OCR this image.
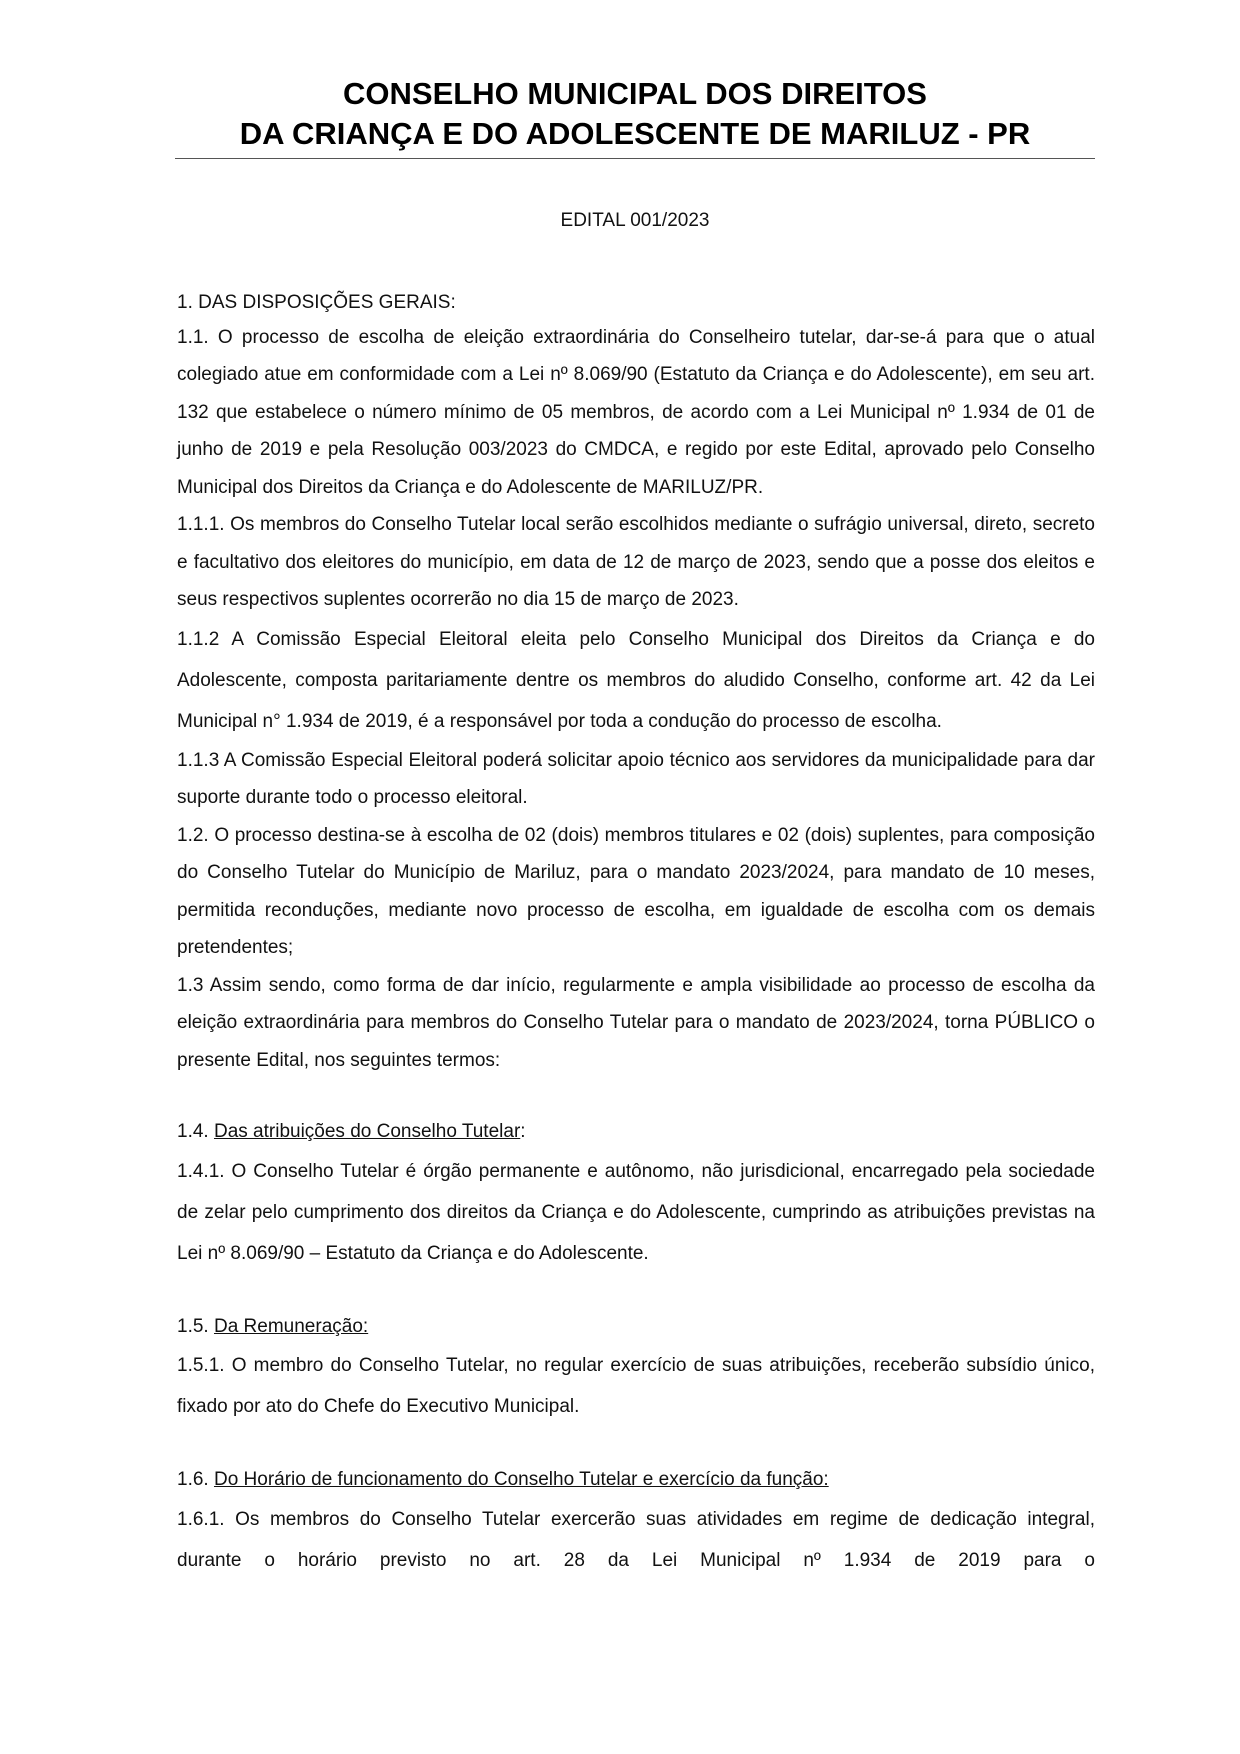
CONSELHO MUNICIPAL DOS DIREITOS
DA CRIANÇA E DO ADOLESCENTE DE MARILUZ - PR
EDITAL 001/2023

1. DAS DISPOSIÇÕES GERAIS:

1.1. O processo de escolha de eleição extraordinária do Conselheiro tutelar, dar-se-á para que o atual colegiado atue em conformidade com a Lei nº 8.069/90 (Estatuto da Criança e do Adolescente), em seu art. 132 que estabelece o número mínimo de 05 membros, de acordo com a Lei Municipal nº 1.934 de 01 de junho de 2019 e pela Resolução 003/2023 do CMDCA, e regido por este Edital, aprovado pelo Conselho Municipal dos Direitos da Criança e do Adolescente de MARILUZ/PR.

1.1.1. Os membros do Conselho Tutelar local serão escolhidos mediante o sufrágio universal, direto, secreto e facultativo dos eleitores do município, em data de 12 de março de 2023, sendo que a posse dos eleitos e seus respectivos suplentes ocorrerão no dia 15 de março de 2023.

1.1.2 A Comissão Especial Eleitoral eleita pelo Conselho Municipal dos Direitos da Criança e do Adolescente, composta paritariamente dentre os membros do aludido Conselho, conforme art. 42 da Lei Municipal n° 1.934 de 2019, é a responsável por toda a condução do processo de escolha.

1.1.3 A Comissão Especial Eleitoral poderá solicitar apoio técnico aos servidores da municipalidade para dar suporte durante todo o processo eleitoral.

1.2. O processo destina-se à escolha de 02 (dois) membros titulares e 02 (dois) suplentes, para composição do Conselho Tutelar do Município de Mariluz, para o mandato 2023/2024, para mandato de 10 meses, permitida reconduções, mediante novo processo de escolha, em igualdade de escolha com os demais pretendentes;

1.3 Assim sendo, como forma de dar início, regularmente e ampla visibilidade ao processo de escolha da eleição extraordinária para membros do Conselho Tutelar para o mandato de 2023/2024, torna PÚBLICO o presente Edital, nos seguintes termos:

1.4. Das atribuições do Conselho Tutelar:

1.4.1. O Conselho Tutelar é órgão permanente e autônomo, não jurisdicional, encarregado pela sociedade de zelar pelo cumprimento dos direitos da Criança e do Adolescente, cumprindo as atribuições previstas na Lei nº 8.069/90 – Estatuto da Criança e do Adolescente.

1.5. Da Remuneração:

1.5.1. O membro do Conselho Tutelar, no regular exercício de suas atribuições, receberão subsídio único, fixado por ato do Chefe do Executivo Municipal.

1.6. Do Horário de funcionamento do Conselho Tutelar e exercício da função:

1.6.1. Os membros do Conselho Tutelar exercerão suas atividades em regime de dedicação integral, durante o horário previsto no art. 28 da Lei Municipal nº 1.934 de 2019 para o
